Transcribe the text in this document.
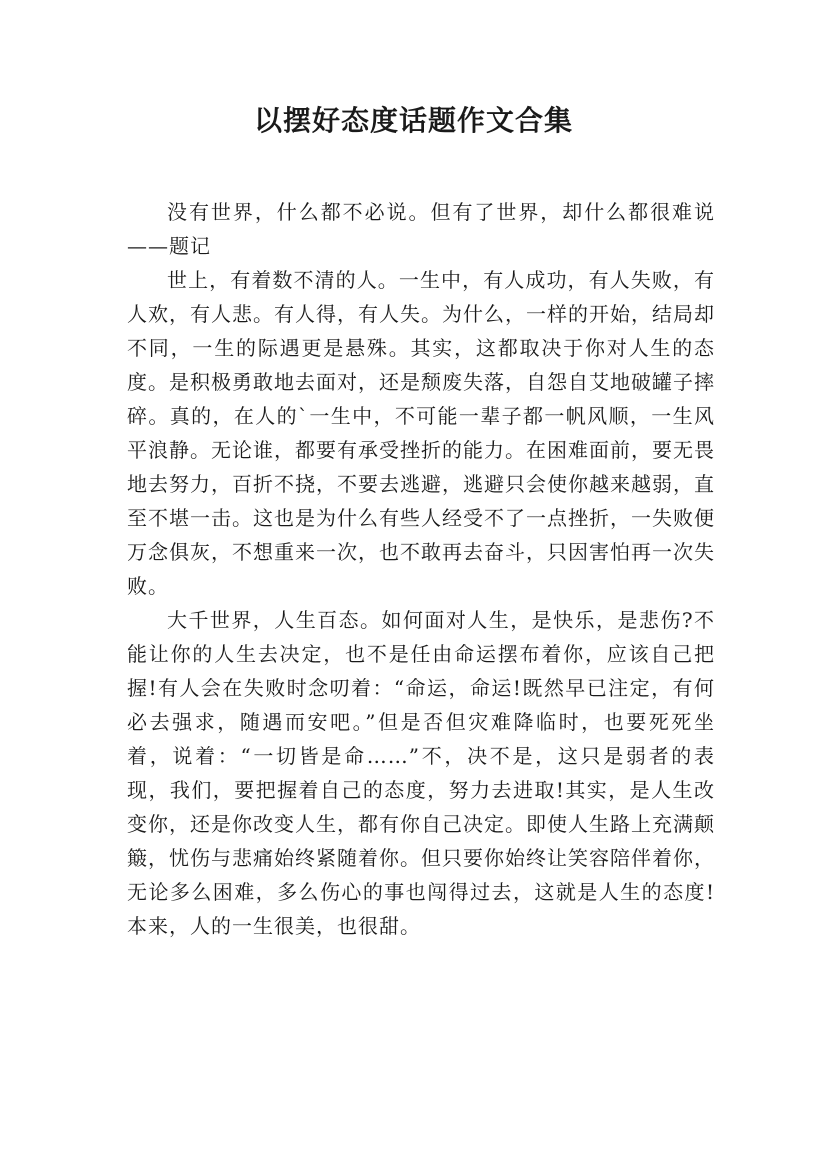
以摆好态度话题作文合集

没有世界，什么都不必说。但有了世界，却什么都很难说——题记

世上，有着数不清的人。一生中，有人成功，有人失败，有人欢，有人悲。有人得，有人失。为什么，一样的开始，结局却不同，一生的际遇更是悬殊。其实，这都取决于你对人生的态度。是积极勇敢地去面对，还是颓废失落，自怨自艾地破罐子摔碎。真的，在人的`一生中，不可能一辈子都一帆风顺，一生风平浪静。无论谁，都要有承受挫折的能力。在困难面前，要无畏地去努力，百折不挠，不要去逃避，逃避只会使你越来越弱，直至不堪一击。这也是为什么有些人经受不了一点挫折，一失败便万念俱灰，不想重来一次，也不敢再去奋斗，只因害怕再一次失败。

大千世界，人生百态。如何面对人生，是快乐，是悲伤?不能让你的人生去决定，也不是任由命运摆布着你，应该自己把握!有人会在失败时念叨着：“命运，命运!既然早已注定，有何必去强求，随遇而安吧。”但是否但灾难降临时，也要死死坐着，说着：“一切皆是命……”不，决不是，这只是弱者的表现，我们，要把握着自己的态度，努力去进取!其实，是人生改变你，还是你改变人生，都有你自己决定。即使人生路上充满颠簸，忧伤与悲痛始终紧随着你。但只要你始终让笑容陪伴着你，无论多么困难，多么伤心的事也闯得过去，这就是人生的态度!本来，人的一生很美，也很甜。
